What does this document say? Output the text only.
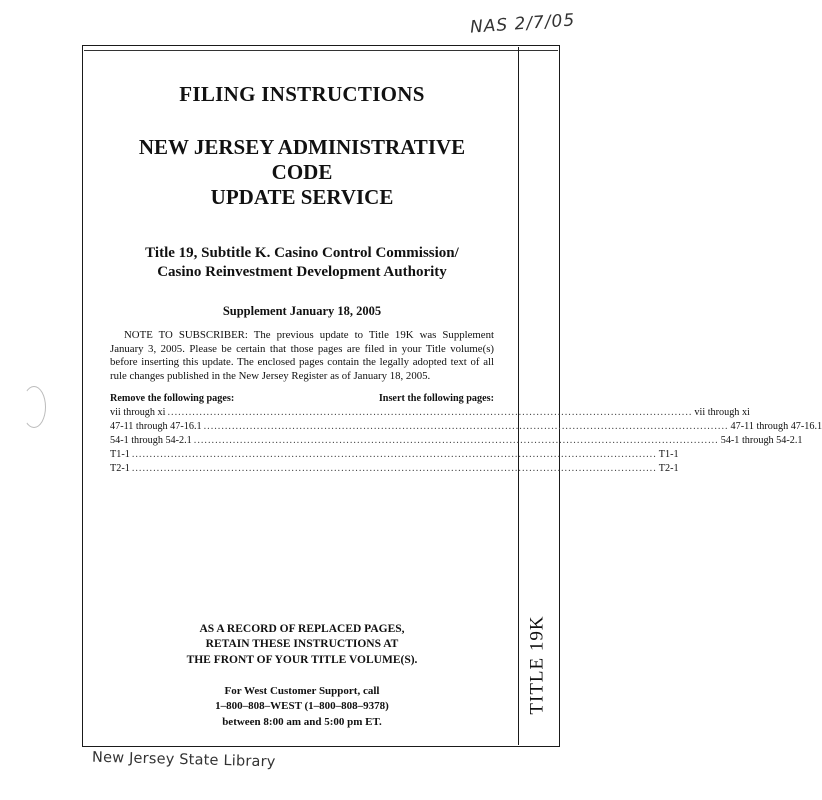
NAS 2/7/05
TITLE 19K
FILING INSTRUCTIONS
NEW JERSEY ADMINISTRATIVE CODE
UPDATE SERVICE
Title 19, Subtitle K. Casino Control Commission/
Casino Reinvestment Development Authority
Supplement January 18, 2005

NOTE TO SUBSCRIBER: The previous update to Title 19K was Supplement January 3, 2005. Please be certain that those pages are filed in your Title volume(s) before inserting this update. The enclosed pages contain the legally adopted text of all rule changes published in the New Jersey Register as of January 18, 2005.

Remove the following pages:	Insert the following pages:
vii through xi .................................................................................................................................................... vii through xi
47-11 through 47-16.1 .................................................................................................................................................... 47-11 through 47-16.1
54-1 through 54-2.1 .................................................................................................................................................... 54-1 through 54-2.1
T1-1 .................................................................................................................................................... T1-1
T2-1 .................................................................................................................................................... T2-1
AS A RECORD OF REPLACED PAGES,
RETAIN THESE INSTRUCTIONS AT
THE FRONT OF YOUR TITLE VOLUME(S).
For West Customer Support, call
1–800–808–WEST (1–800–808–9378)
between 8:00 am and 5:00 pm ET.
New Jersey State Library
